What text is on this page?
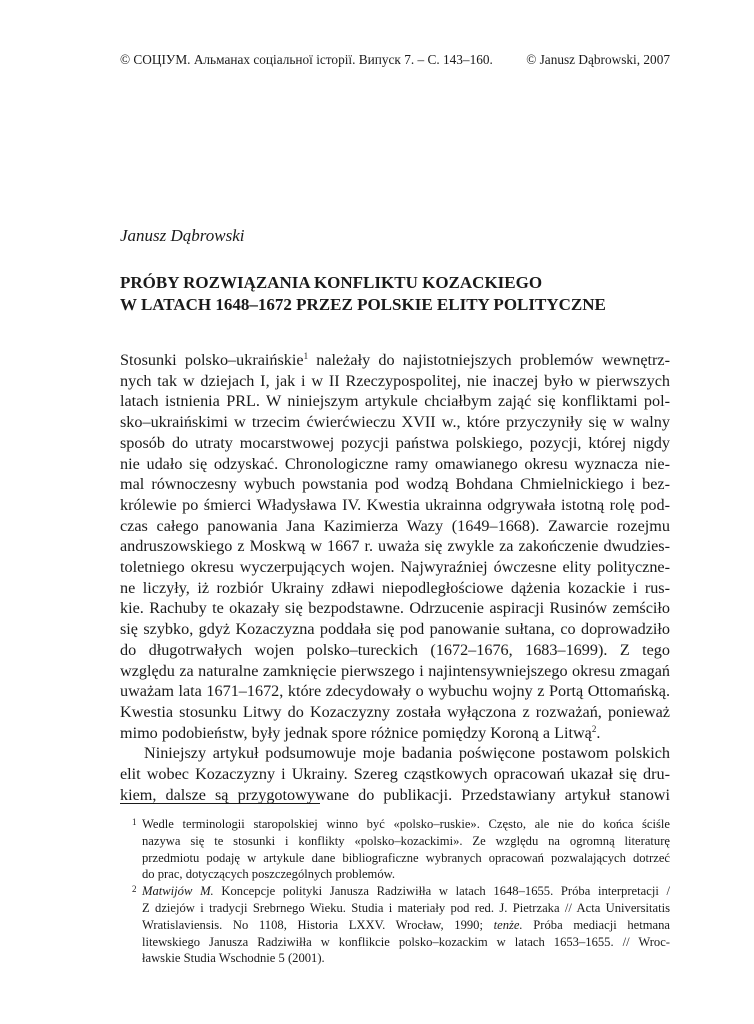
© СОЦІУМ. Альманах соціальної історії. Випуск 7. – С. 143–160.	© Janusz Dąbrowski, 2007
Janusz Dąbrowski
PRÓBY ROZWIĄZANIA KONFLIKTU KOZACKIEGO
W LATACH 1648–1672 PRZEZ POLSKIE ELITY POLITYCZNE
Stosunki polsko–ukraińskie$^1$ należały do najistotniejszych problemów wewnętrz-
nych tak w dziejach I, jak i w II Rzeczypospolitej, nie inaczej było w pierwszych
latach istnienia PRL. W niniejszym artykule chciałbym zająć się konfliktami pol-
sko–ukraińskimi w trzecim ćwierćwieczu XVII w., które przyczyniły się w walny
sposób do utraty mocarstwowej pozycji państwa polskiego, pozycji, której nigdy
nie udało się odzyskać. Chronologiczne ramy omawianego okresu wyznacza nie-
mal równoczesny wybuch powstania pod wodzą Bohdana Chmielnickiego i bez-
królewie po śmierci Władysława IV. Kwestia ukrainna odgrywała istotną rolę pod-
czas całego panowania Jana Kazimierza Wazy (1649–1668). Zawarcie rozejmu
andruszowskiego z Moskwą w 1667 r. uważa się zwykle za zakończenie dwudzies-
toletniego okresu wyczerpujących wojen. Najwyraźniej ówczesne elity polityczne-
ne liczyły, iż rozbiór Ukrainy zdławi niepodległościowe dążenia kozackie i rus-
kie. Rachuby te okazały się bezpodstawne. Odrzucenie aspiracji Rusinów zemściło
się szybko, gdyż Kozaczyzna poddała się pod panowanie sułtana, co doprowadziło
do długotrwałych wojen polsko–tureckich (1672–1676, 1683–1699). Z tego
względu za naturalne zamknięcie pierwszego i najintensywniejszego okresu zmagań
uważam lata 1671–1672, które zdecydowały o wybuchu wojny z Portą Ottomańską.
Kwestia stosunku Litwy do Kozaczyzny została wyłączona z rozważań, ponieważ
mimo podobieństw, były jednak spore różnice pomiędzy Koroną a Litwą$^2$.
Niniejszy artykuł podsumowuje moje badania poświęcone postawom polskich
elit wobec Kozaczyzny i Ukrainy. Szereg cząstkowych opracowań ukazał się dru-
kiem, dalsze są przygotowywane do publikacji. Przedstawiany artykuł stanowi
1 Wedle terminologii staropolskiej winno być «polsko–ruskie». Często, ale nie do końca ściśle
nazywa się te stosunki i konflikty «polsko–kozackimi». Ze względu na ogromną literaturę
przedmiotu podaję w artykule dane bibliograficzne wybranych opracowań pozwalających dotrzeć
do prac, dotyczących poszczególnych problemów.
2 Matwijów M. Koncepcje polityki Janusza Radziwiłła w latach 1648–1655. Próba interpretacji /
Z dziejów i tradycji Srebrnego Wieku. Studia i materiały pod red. J. Pietrzaka // Acta Universitatis
Wratislaviensis. No 1108, Historia LXXV. Wrocław, 1990; tenże. Próba mediacji hetmana
litewskiego Janusza Radziwiłła w konflikcie polsko–kozackim w latach 1653–1655. // Wroc-
ławskie Studia Wschodnie 5 (2001).
